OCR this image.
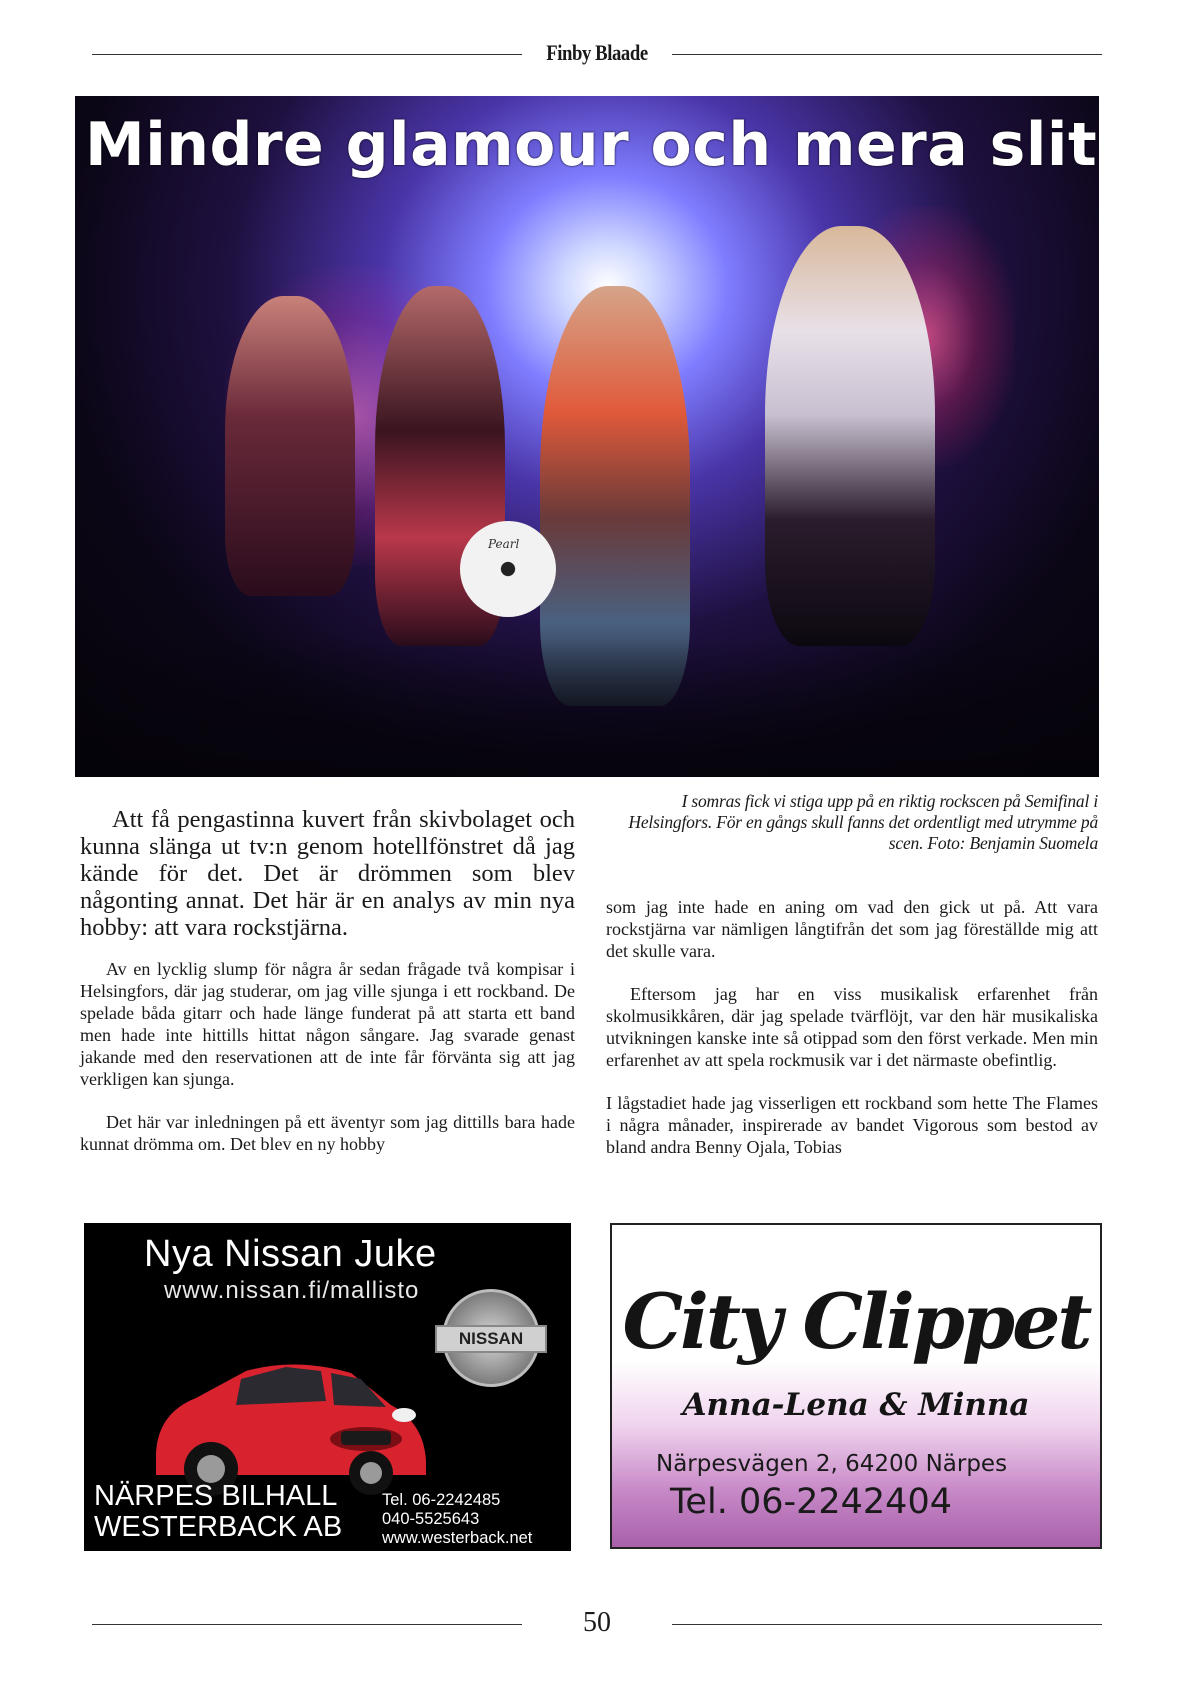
Finby Blaade
Pearl
Mindre glamour och mera slit
I somras fick vi stiga upp på en riktig rockscen på Semifinal i Helsingfors. För en gångs skull fanns det ordentligt med utrymme på scen. Foto: Benjamin Suomela

Att få pengastinna kuvert från skivbolaget och kunna slänga ut tv:n genom hotellfönstret då jag kände för det. Det är drömmen som blev någonting annat. Det här är en analys av min nya hobby: att vara rockstjärna.

Av en lycklig slump för några år sedan frågade två kompisar i Helsingfors, där jag studerar, om jag ville sjunga i ett rockband. De spelade båda gitarr och hade länge funderat på att starta ett band men hade inte hittills hittat någon sångare. Jag svarade genast jakande med den reservationen att de inte får förvänta sig att jag verkligen kan sjunga.

Det här var inledningen på ett äventyr som jag dittills bara hade kunnat drömma om. Det blev en ny hobby

som jag inte hade en aning om vad den gick ut på. Att vara rockstjärna var nämligen långtifrån det som jag föreställde mig att det skulle vara.

Eftersom jag har en viss musikalisk erfarenhet från skolmusikkåren, där jag spelade tvärflöjt, var den här musikaliska utvikningen kanske inte så otippad som den först verkade. Men min erfarenhet av att spela rockmusik var i det närmaste obefintlig.

I lågstadiet hade jag visserligen ett rockband som hette The Flames i några månader, inspirerade av bandet Vigorous som bestod av bland andra Benny Ojala, Tobias

Nya Nissan Juke
www.nissan.fi/mallisto
NISSAN
NÄRPES BILHALL
WESTERBACK AB
Tel. 06-2242485
040-5525643
www.westerback.net
City Clippet
Anna-Lena & Minna
Närpesvägen 2, 64200 Närpes
Tel. 06-2242404
50
